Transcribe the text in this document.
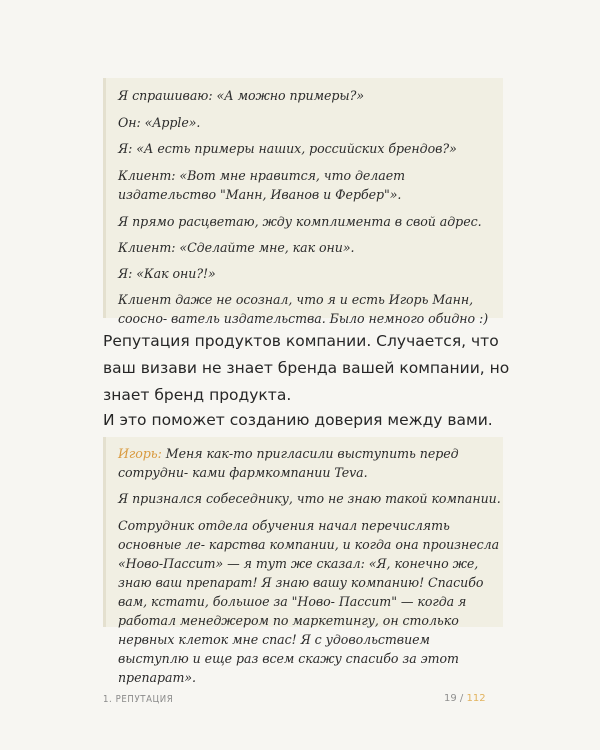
Я спрашиваю: «А можно примеры?»

Он: «Apple».

Я: «А есть примеры наших, российских брендов?»

Клиент: «Вот мне нравится, что делает издательство "Манн, Иванов и Фербер"».

Я прямо расцветаю, жду комплимента в свой адрес.

Клиент: «Сделайте мне, как они».

Я: «Как они?!»

Клиент даже не осознал, что я и есть Игорь Манн, соосно- ватель издательства. Было немного обидно :)

Репутация продуктов компании. Случается, что ваш визави не знает бренда вашей компании, но знает бренд продукта.

И это поможет созданию доверия между вами.

Игорь: Меня как-то пригласили выступить перед сотрудни- ками фармкомпании Teva.

Я признался собеседнику, что не знаю такой компании.

Сотрудник отдела обучения начал перечислять основные ле- карства компании, и когда она произнесла «Ново-Пассит» — я тут же сказал: «Я, конечно же, знаю ваш препарат! Я знаю вашу компанию! Спасибо вам, кстати, большое за "Ново- Пассит" — когда я работал менеджером по маркетингу, он столько нервных клеток мне спас! Я с удовольствием выступлю и еще раз всем скажу спасибо за этот препарат».

1. РЕПУТАЦИЯ	19 / 112
